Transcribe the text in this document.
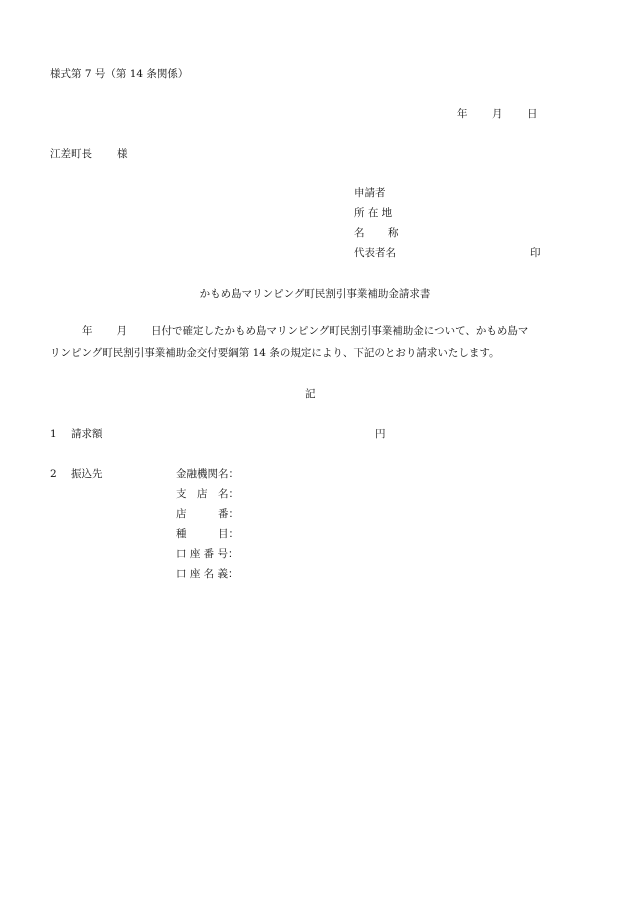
様式第 7 号（第 14 条関係）
年 月 日
江差町長 様
申請者
所 在 地
名 称
代表者名	印
かもめ島マリンピング町民割引事業補助金請求書
年 月 日付で確定したかもめ島マリンピング町民割引事業補助金について、かもめ島マ
リンピング町民割引事業補助金交付要綱第 14 条の規定により、下記のとおり請求いたします。
記
1 請求額	円
2 振込先	金融機関名：
支　店　名：
店　　　番：
種　　　目：
口 座 番 号：
口 座 名 義：
